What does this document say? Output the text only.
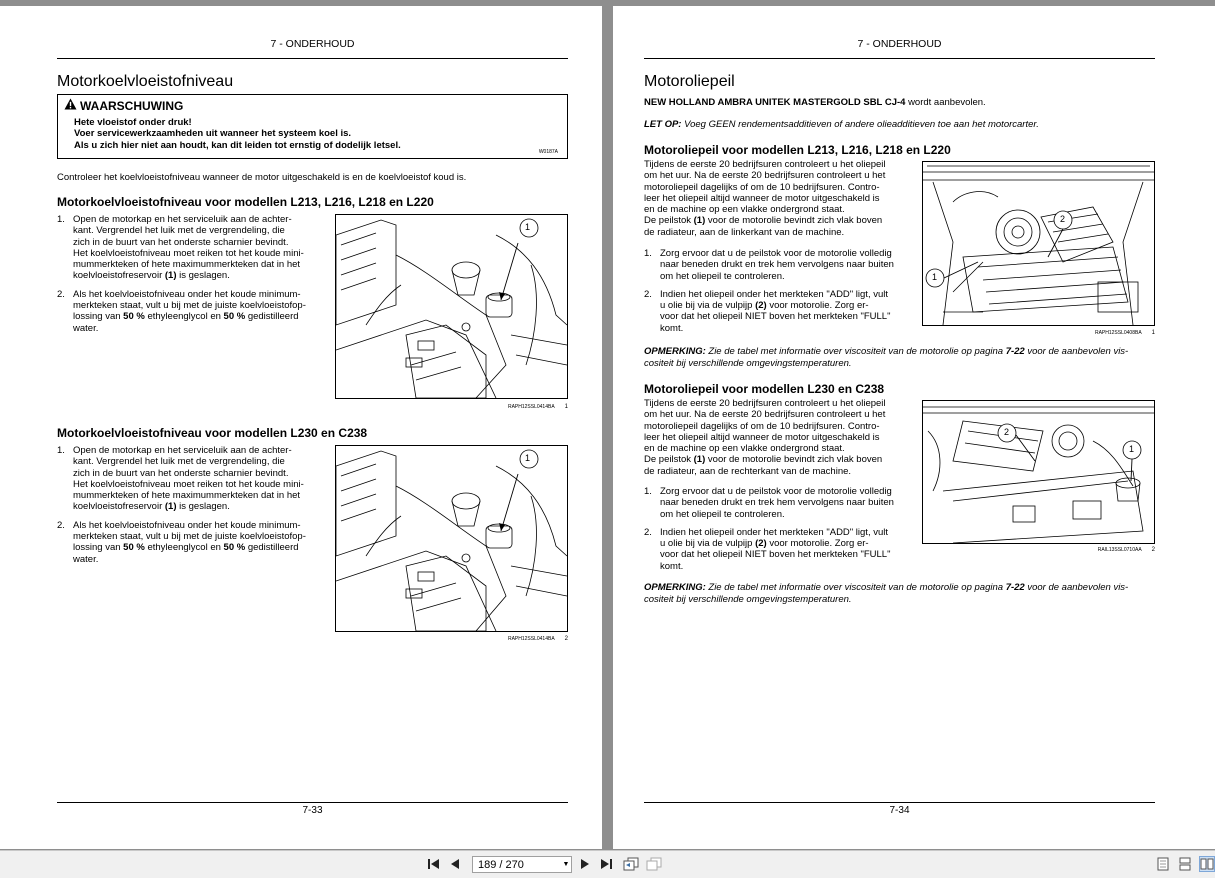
7 - ONDERHOUD
Motorkoelvloeistofniveau
WAARSCHUWING
Hete vloeistof onder druk!
Voer servicewerkzaamheden uit wanneer het systeem koel is.
Als u zich hier niet aan houdt, kan dit leiden tot ernstig of dodelijk letsel.
W0187A
Controleer het koelvloeistofniveau wanneer de motor uitgeschakeld is en de koelvloeistof koud is.
Motorkoelvloeistofniveau voor modellen L213, L216, L218 en L220
1. Open de motorkap en het serviceluik aan de achter-
kant. Vergrendel het luik met de vergrendeling, die
zich in de buurt van het onderste scharnier bevindt.
Het koelvloeistofniveau moet reiken tot het koude mini-
mummerkteken of hete maximummerkteken dat in het
koelvloeistofreservoir (1) is geslagen.
2. Als het koelvloeistofniveau onder het koude minimum-
merkteken staat, vult u bij met de juiste koelvloeistofop-
lossing van 50 % ethyleenglycol en 50 % gedistilleerd
water.
1
RAPH12SSL0414BA 1
Motorkoelvloeistofniveau voor modellen L230 en C238
1. Open de motorkap en het serviceluik aan de achter-
kant. Vergrendel het luik met de vergrendeling, die
zich in de buurt van het onderste scharnier bevindt.
Het koelvloeistofniveau moet reiken tot het koude mini-
mummerkteken of hete maximummerkteken dat in het
koelvloeistofreservoir (1) is geslagen.
2. Als het koelvloeistofniveau onder het koude minimum-
merkteken staat, vult u bij met de juiste koelvloeistofop-
lossing van 50 % ethyleenglycol en 50 % gedistilleerd
water.
1
RAPH12SSL0414BA 2
7-33
7 - ONDERHOUD
Motoroliepeil
NEW HOLLAND AMBRA UNITEK MASTERGOLD SBL CJ-4 wordt aanbevolen.
LET OP: Voeg GEEN rendementsadditieven of andere olieadditieven toe aan het motorcarter.
Motoroliepeil voor modellen L213, L216, L218 en L220
Tijdens de eerste 20 bedrijfsuren controleert u het oliepeil
om het uur. Na de eerste 20 bedrijfsuren controleert u het
motoroliepeil dagelijks of om de 10 bedrijfsuren. Contro-
leer het oliepeil altijd wanneer de motor uitgeschakeld is
en de machine op een vlakke ondergrond staat.
De peilstok (1) voor de motorolie bevindt zich vlak boven
de radiateur, aan de linkerkant van de machine.
1. Zorg ervoor dat u de peilstok voor de motorolie volledig
naar beneden drukt en trek hem vervolgens naar buiten
om het oliepeil te controleren.
2. Indien het oliepeil onder het merkteken "ADD" ligt, vult
u olie bij via de vulpijp (2) voor motorolie. Zorg er-
voor dat het oliepeil NIET boven het merkteken "FULL"
komt.
2
1
RAPH12SSL0408BA 1
OPMERKING: Zie de tabel met informatie over viscositeit van de motorolie op pagina 7-22 voor de aanbevolen vis-
cositeit bij verschillende omgevingstemperaturen.
Motoroliepeil voor modellen L230 en C238
Tijdens de eerste 20 bedrijfsuren controleert u het oliepeil
om het uur. Na de eerste 20 bedrijfsuren controleert u het
motoroliepeil dagelijks of om de 10 bedrijfsuren. Contro-
leer het oliepeil altijd wanneer de motor uitgeschakeld is
en de machine op een vlakke ondergrond staat.
De peilstok (1) voor de motorolie bevindt zich vlak boven
de radiateur, aan de rechterkant van de machine.
1. Zorg ervoor dat u de peilstok voor de motorolie volledig
naar beneden drukt en trek hem vervolgens naar buiten
om het oliepeil te controleren.
2. Indien het oliepeil onder het merkteken "ADD" ligt, vult
u olie bij via de vulpijp (2) voor motorolie. Zorg er-
voor dat het oliepeil NIET boven het merkteken "FULL"
komt.
2
1
RAIL13SSL0710AA 2
OPMERKING: Zie de tabel met informatie over viscositeit van de motorolie op pagina 7-22 voor de aanbevolen vis-
cositeit bij verschillende omgevingstemperaturen.
7-34
189 / 270	▼
